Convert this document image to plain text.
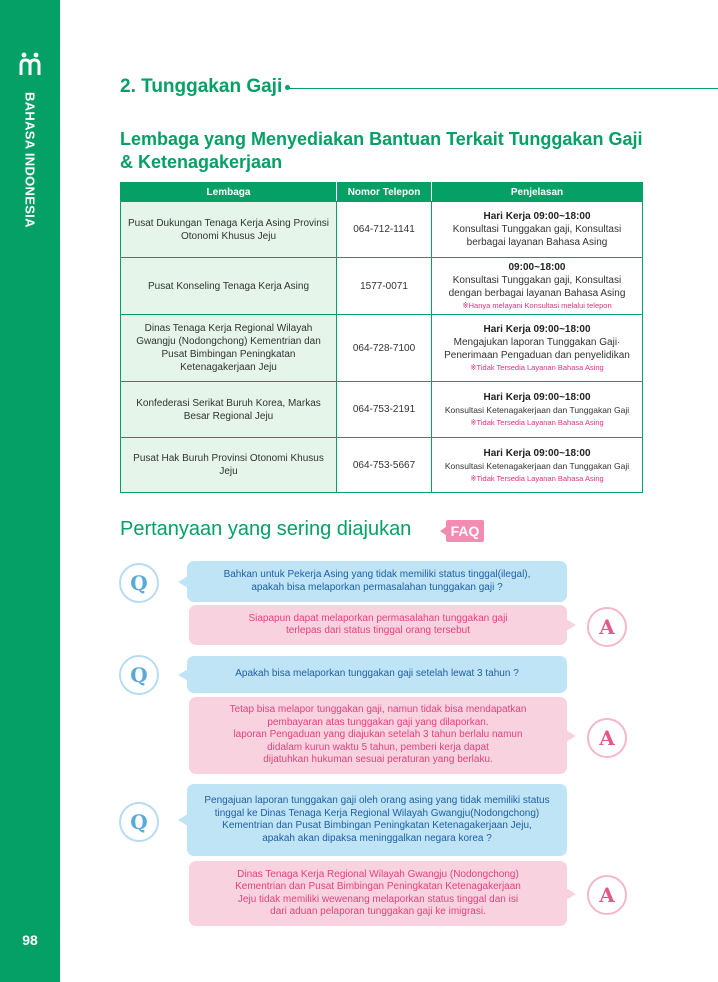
BAHASA INDONESIA
98
2. Tunggakan Gaji
Lembaga yang Menyediakan Bantuan Terkait Tunggakan Gaji & Ketenagakerjaan
Lembaga	Nomor Telepon	Penjelasan
Pusat Dukungan Tenaga Kerja Asing Provinsi Otonomi Khusus Jeju	064-712-1141	Hari Kerja 09:00~18:00
Konsultasi Tunggakan gaji, Konsultasi berbagai layanan Bahasa Asing

Pusat Konseling Tenaga Kerja Asing	1577-0071	09:00~18:00
Konsultasi Tunggakan gaji, Konsultasi dengan berbagai layanan Bahasa Asing
※Hanya melayani Konsultasi melalui telepon

Dinas Tenaga Kerja Regional Wilayah Gwangju (Nodongchong) Kementrian dan Pusat Bimbingan Peningkatan Ketenagakerjaan Jeju	064-728-7100	Hari Kerja 09:00~18:00
Mengajukan laporan Tunggakan Gaji· Penerimaan Pengaduan dan penyelidikan
※Tidak Tersedia Layanan Bahasa Asing

Konfederasi Serikat Buruh Korea, Markas Besar Regional Jeju	064-753-2191	Hari Kerja 09:00~18:00
Konsultasi Ketenagakerjaan dan Tunggakan Gaji
※Tidak Tersedia Layanan Bahasa Asing

Pusat Hak Buruh Provinsi Otonomi Khusus Jeju	064-753-5667	Hari Kerja 09:00~18:00
Konsultasi Ketenagakerjaan dan Tunggakan Gaji
※Tidak Tersedia Layanan Bahasa Asing
Pertanyaan yang sering diajukan	FAQ
Q	Bahkan untuk Pekerja Asing yang tidak memiliki status tinggal(ilegal),
apakah bisa melaporkan permasalahan tunggakan gaji ?
Siapapun dapat melaporkan permasalahan tunggakan gaji
terlepas dari status tinggal orang tersebut	A
Q	Apakah bisa melaporkan tunggakan gaji setelah lewat 3 tahun ?
Tetap bisa melapor tunggakan gaji, namun tidak bisa mendapatkan
pembayaran atas tunggakan gaji yang dilaporkan.
laporan Pengaduan yang diajukan setelah 3 tahun berlalu namun
didalam kurun waktu 5 tahun, pemberi kerja dapat
dijatuhkan hukuman sesuai peraturan yang berlaku.
A
Q
Pengajuan laporan tunggakan gaji oleh orang asing yang tidak memiliki status
tinggal ke Dinas Tenaga Kerja Regional Wilayah Gwangju(Nodongchong)
Kementrian dan Pusat Bimbingan Peningkatan Ketenagakerjaan Jeju,
apakah akan dipaksa meninggalkan negara korea ?
Dinas Tenaga Kerja Regional Wilayah Gwangju (Nodongchong)
Kementrian dan Pusat Bimbingan Peningkatan Ketenagakerjaan
Jeju tidak memiliki wewenang melaporkan status tinggal dan isi
dari aduan pelaporan tunggakan gaji ke imigrasi.
A
